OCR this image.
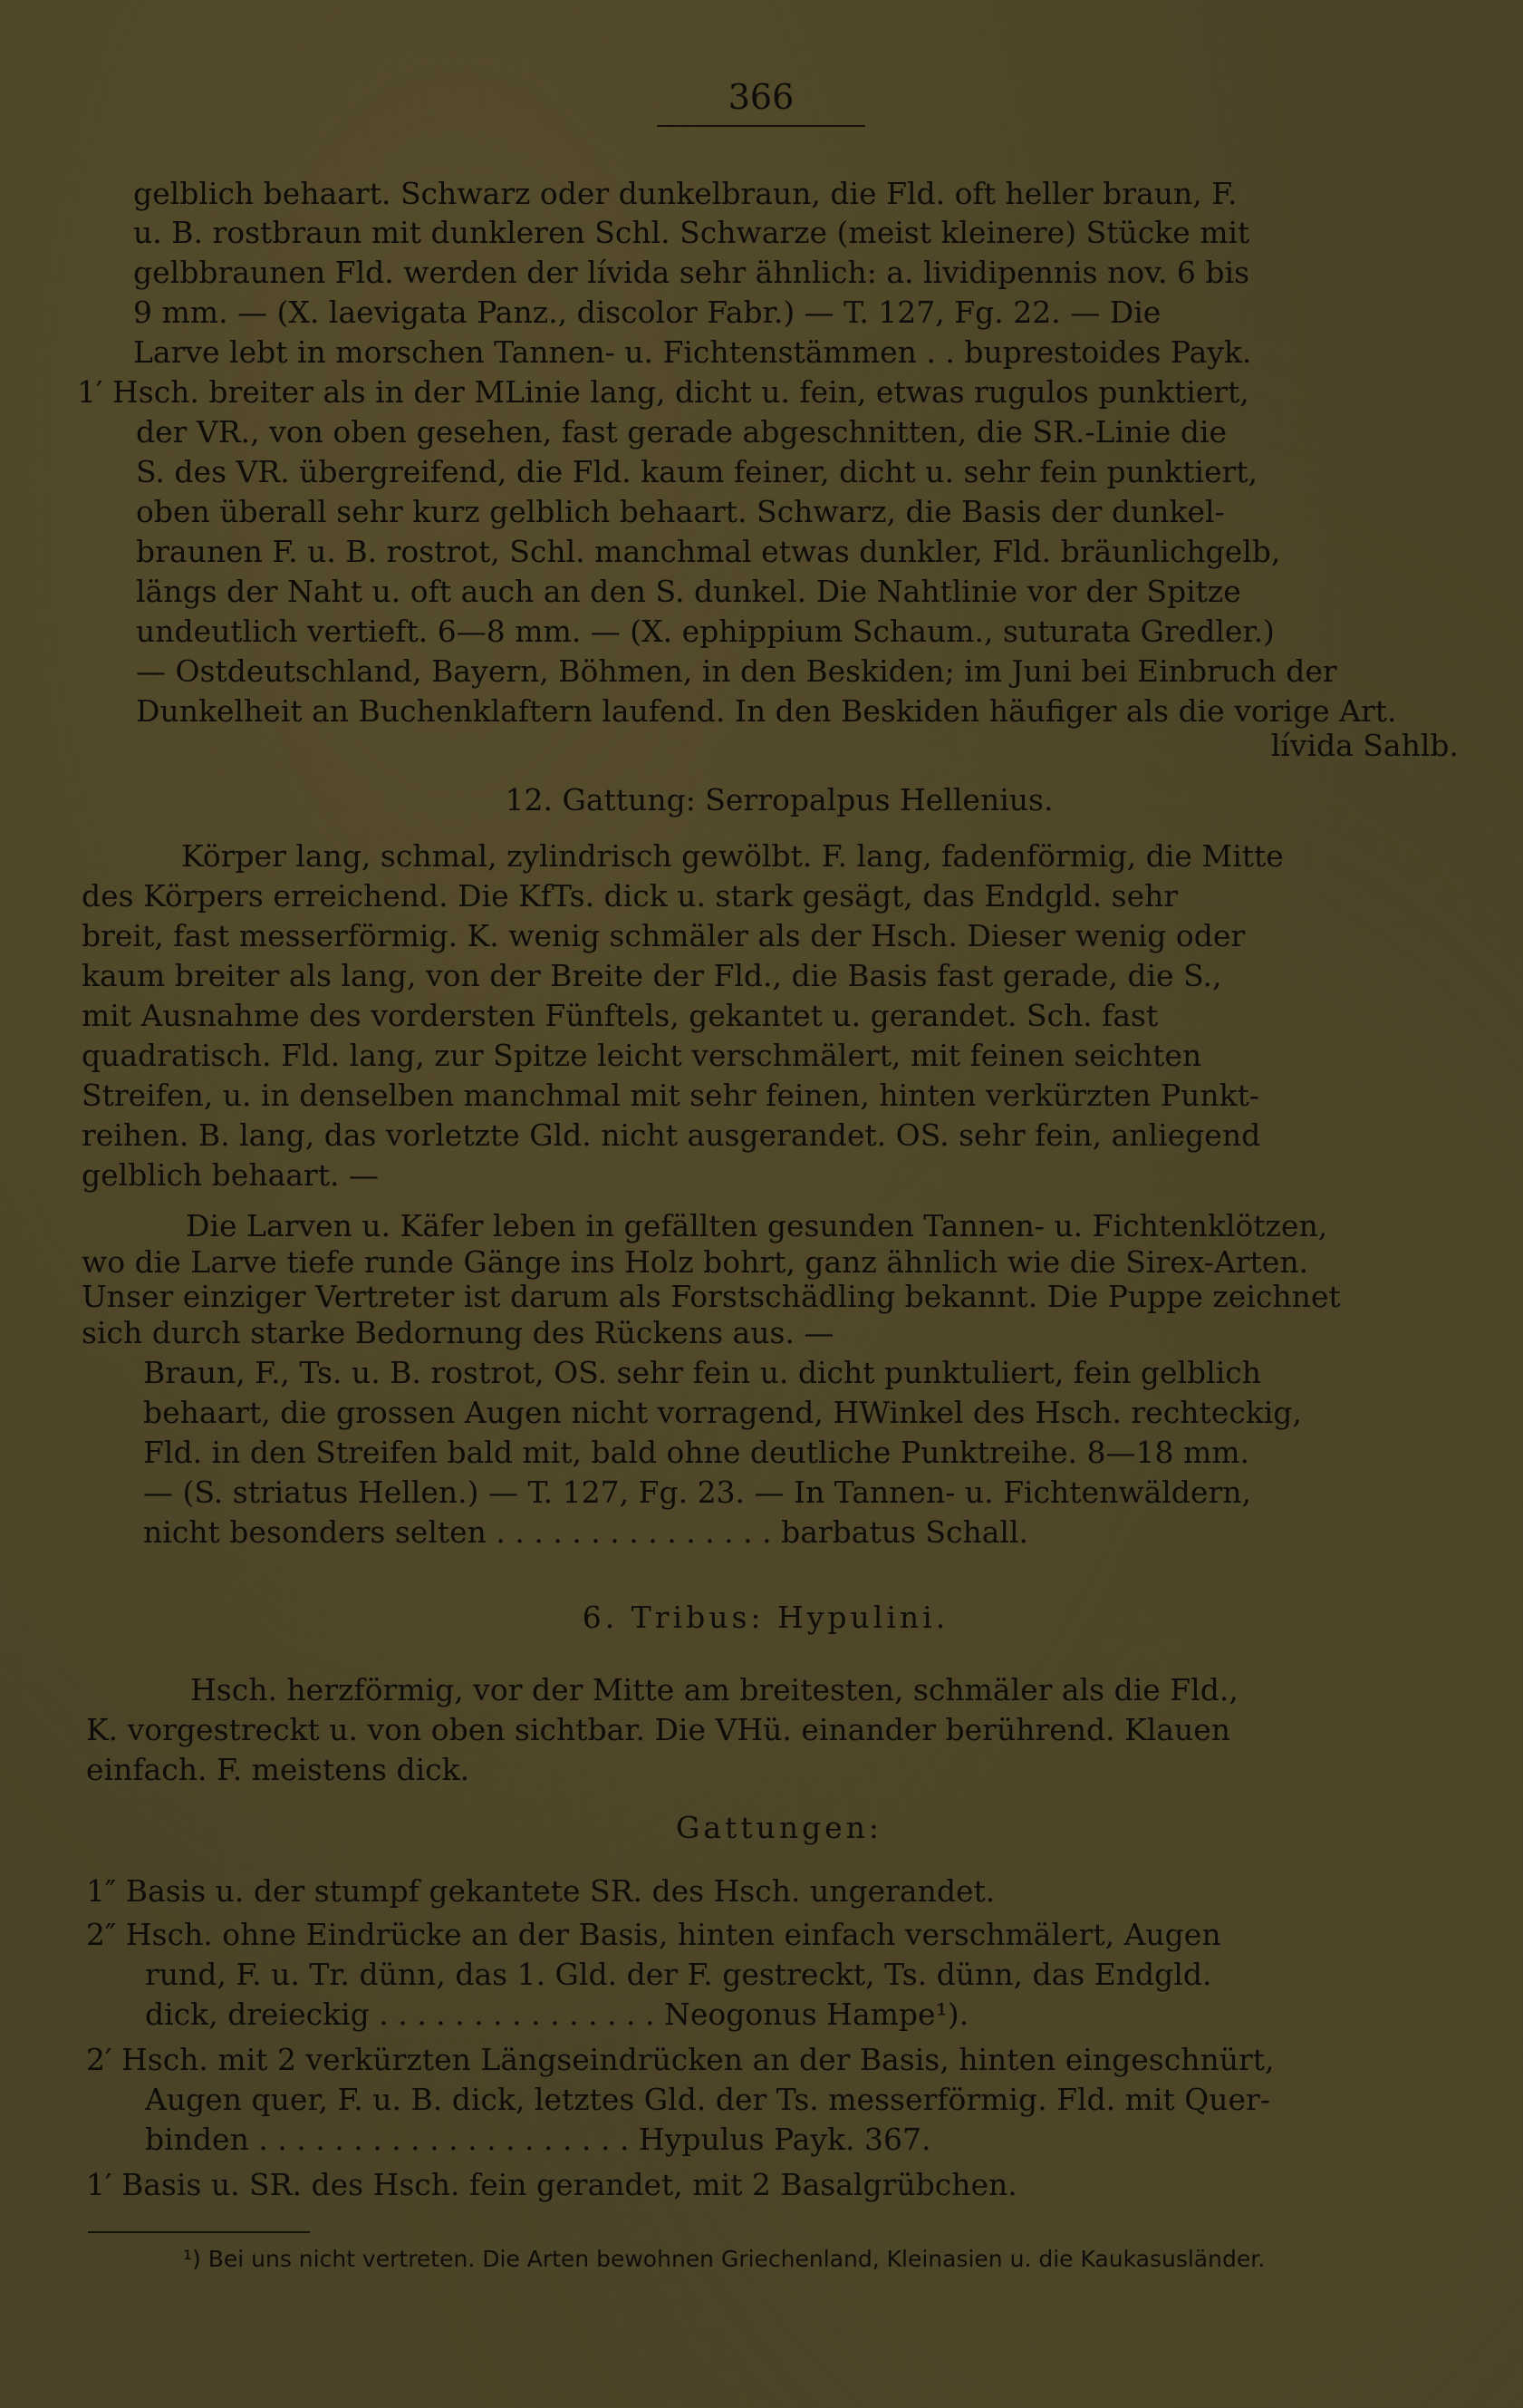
366
gelblich behaart. Schwarz oder dunkelbraun, die Fld. oft heller braun, F.
u. B. rostbraun mit dunkleren Schl. Schwarze (meist kleinere) Stücke mit
gelbbraunen Fld. werden der lívida sehr ähnlich: a. lividipennis nov. 6 bis
9 mm. — (X. laevigata Panz., discolor Fabr.) — T. 127, Fg. 22. — Die
Larve lebt in morschen Tannen- u. Fichtenstämmen . . buprestoides Payk.
1′ Hsch. breiter als in der MLinie lang, dicht u. fein, etwas rugulos punktiert,
der VR., von oben gesehen, fast gerade abgeschnitten, die SR.-Linie die
S. des VR. übergreifend, die Fld. kaum feiner, dicht u. sehr fein punktiert,
oben überall sehr kurz gelblich behaart. Schwarz, die Basis der dunkel-
braunen F. u. B. rostrot, Schl. manchmal etwas dunkler, Fld. bräunlichgelb,
längs der Naht u. oft auch an den S. dunkel. Die Nahtlinie vor der Spitze
undeutlich vertieft. 6—8 mm. — (X. ephippium Schaum., suturata Gredler.)
— Ostdeutschland, Bayern, Böhmen, in den Beskiden; im Juni bei Einbruch der
Dunkelheit an Buchenklaftern laufend. In den Beskiden häufiger als die vorige Art.
lívida Sahlb.
12. Gattung: Serropalpus Hellenius.
Körper lang, schmal, zylindrisch gewölbt. F. lang, fadenförmig, die Mitte
des Körpers erreichend. Die KfTs. dick u. stark gesägt, das Endgld. sehr
breit, fast messerförmig. K. wenig schmäler als der Hsch. Dieser wenig oder
kaum breiter als lang, von der Breite der Fld., die Basis fast gerade, die S.,
mit Ausnahme des vordersten Fünftels, gekantet u. gerandet. Sch. fast
quadratisch. Fld. lang, zur Spitze leicht verschmälert, mit feinen seichten
Streifen, u. in denselben manchmal mit sehr feinen, hinten verkürzten Punkt-
reihen. B. lang, das vorletzte Gld. nicht ausgerandet. OS. sehr fein, anliegend
gelblich behaart. —
Die Larven u. Käfer leben in gefällten gesunden Tannen- u. Fichtenklötzen,
wo die Larve tiefe runde Gänge ins Holz bohrt, ganz ähnlich wie die Sirex-Arten.
Unser einziger Vertreter ist darum als Forstschädling bekannt. Die Puppe zeichnet
sich durch starke Bedornung des Rückens aus. —
Braun, F., Ts. u. B. rostrot, OS. sehr fein u. dicht punktuliert, fein gelblich
behaart, die grossen Augen nicht vorragend, HWinkel des Hsch. rechteckig,
Fld. in den Streifen bald mit, bald ohne deutliche Punktreihe. 8—18 mm.
— (S. striatus Hellen.) — T. 127, Fg. 23. — In Tannen- u. Fichtenwäldern,
nicht besonders selten . . . . . . . . . . . . . . . barbatus Schall.
6. Tribus: Hypulini.
Hsch. herzförmig, vor der Mitte am breitesten, schmäler als die Fld.,
K. vorgestreckt u. von oben sichtbar. Die VHü. einander berührend. Klauen
einfach. F. meistens dick.
Gattungen:
1″ Basis u. der stumpf gekantete SR. des Hsch. ungerandet.
2″ Hsch. ohne Eindrücke an der Basis, hinten einfach verschmälert, Augen
rund, F. u. Tr. dünn, das 1. Gld. der F. gestreckt, Ts. dünn, das Endgld.
dick, dreieckig . . . . . . . . . . . . . . . Neogonus Hampe¹).
2′ Hsch. mit 2 verkürzten Längseindrücken an der Basis, hinten eingeschnürt,
Augen quer, F. u. B. dick, letztes Gld. der Ts. messerförmig. Fld. mit Quer-
binden . . . . . . . . . . . . . . . . . . . . Hypulus Payk. 367.
1′ Basis u. SR. des Hsch. fein gerandet, mit 2 Basalgrübchen.
¹) Bei uns nicht vertreten. Die Arten bewohnen Griechenland, Kleinasien u. die Kaukasusländer.
